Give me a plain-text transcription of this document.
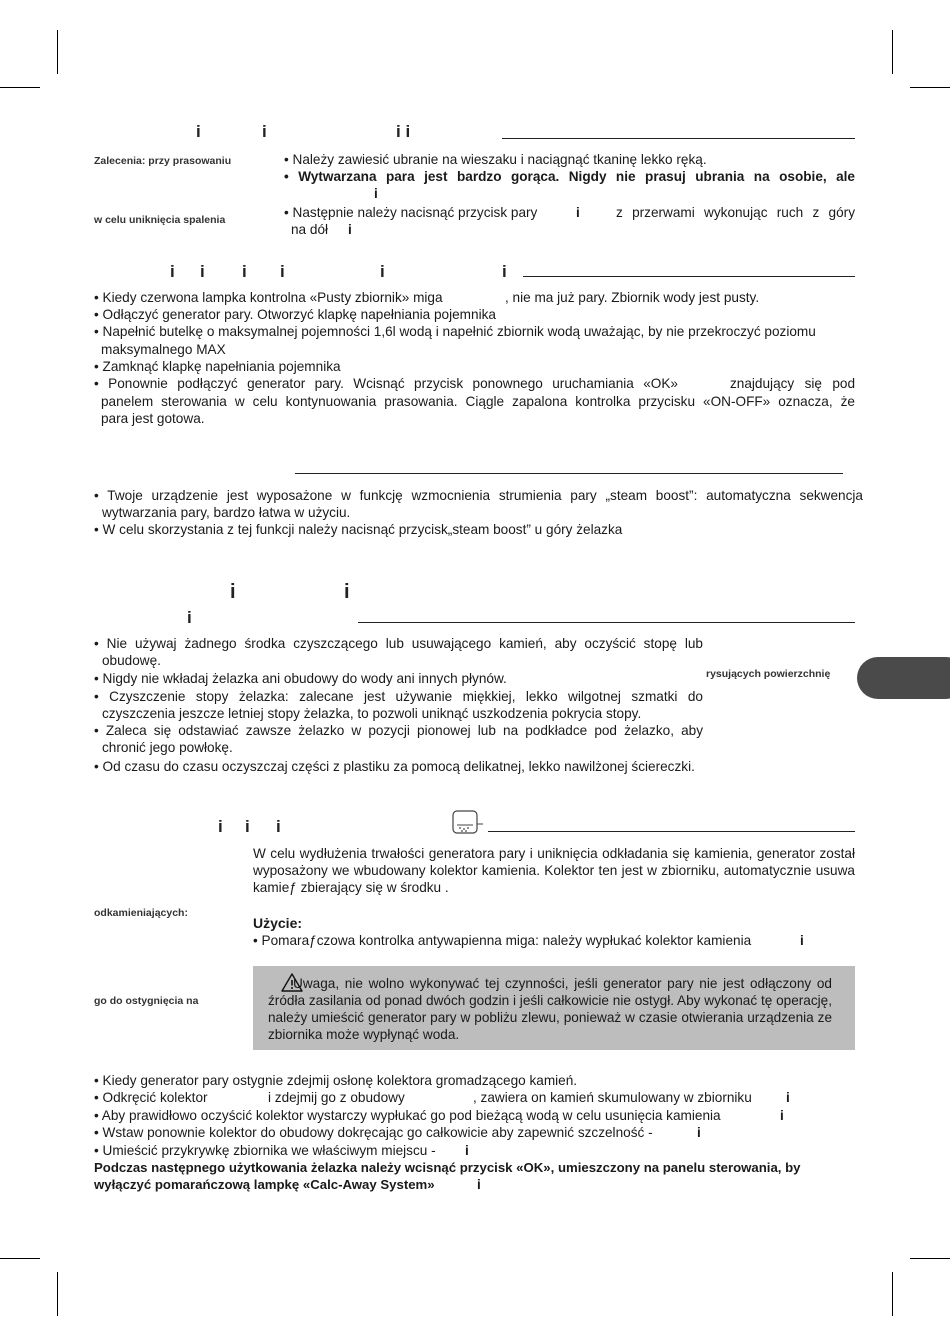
i	i	i i
Zalecenia: przy prasowaniu
w celu uniknięcia spalenia
• Należy zawiesić ubranie na wieszaku i naciągnąć tkaninę lekko ręką.
• Wytwarzana para jest bardzo gorąca. Nigdy nie prasuj ubrania na osobie, ale
i
• Następnie należy nacisnąć przycisk pary	i	z przerwami wykonując ruch z góry
na dół i
i i i i	i	i
• Kiedy czerwona lampka kontrolna «Pusty zbiornik» miga	, nie ma już pary. Zbiornik wody jest pusty.
• Odłączyć generator pary. Otworzyć klapkę napełniania pojemnika
• Napełnić butelkę o maksymalnej pojemności 1,6l wodą i napełnić zbiornik wodą uważając, by nie przekroczyć poziomu
maksymalnego MAX
• Zamknąć klapkę napełniania pojemnika
• Ponownie podłączyć generator pary. Wcisnąć przycisk ponownego uruchamiania «OK»	znajdujący się pod
panelem sterowania w celu kontynuowania prasowania. Ciągle zapalona kontrolka przycisku «ON-OFF» oznacza, że
para jest gotowa.
• Twoje urządzenie jest wyposażone w funkcję wzmocnienia strumienia pary „steam boost”: automatyczna sekwencja wytwarzania pary, bardzo łatwa w użyciu.
• W celu skorzystania z tej funkcji należy nacisnąć przycisk„steam boost” u góry żelazka
i	i
i
rysujących powierzchnię
• Nie używaj żadnego środka czyszczącego lub usuwającego kamień, aby oczyścić stopę lub obudowę.
• Nigdy nie wkładaj żelazka ani obudowy do wody ani innych płynów.
• Czyszczenie stopy żelazka: zalecane jest używanie miękkiej, lekko wilgotnej szmatki do czyszczenia jeszcze letniej stopy żelazka, to pozwoli uniknąć uszkodzenia pokrycia stopy.
• Zaleca się odstawiać zawsze żelazko w pozycji pionowej lub na podkładce pod żelazko, aby chronić jego powłokę.
• Od czasu do czasu oczyszczaj części z plastiku za pomocą delikatnej, lekko nawilżonej ściereczki.
i i i
odkamieniających:
go do ostygnięcia na
W celu wydłużenia trwałości generatora pary i uniknięcia odkładania się kamienia, generator został wyposażony we wbudowany kolektor kamienia. Kolektor ten jest w zbiorniku, automatycznie usuwa kamieƒ zbierający się w środku .
Użycie:
• Pomaraƒczowa kontrolka antywapienna miga: należy wypłukać kolektor kamienia	i
Uwaga, nie wolno wykonywać tej czynności, jeśli generator pary nie jest odłączony od źródła zasilania od ponad dwóch godzin i jeśli całkowicie nie ostygł. Aby wykonać tę operację, należy umieścić generator pary w pobliżu zlewu, ponieważ w czasie otwierania urządzenia ze zbiornika może wypłynąć woda.
• Kiedy generator pary ostygnie zdejmij osłonę kolektora gromadzącego kamień.
• Odkręcić kolektor	i zdejmij go z obudowy	, zawiera on kamień skumulowany w zbiorniku	i
• Aby prawidłowo oczyścić kolektor wystarczy wypłukać go pod bieżącą wodą w celu usunięcia kamienia	i
• Wstaw ponownie kolektor do obudowy dokręcając go całkowicie aby zapewnić szczelność -	i
• Umieścić przykrywkę zbiornika we właściwym miejscu - i
Podczas następnego użytkowania żelazka należy wcisnąć przycisk «OK», umieszczony na panelu sterowania, by
wyłączyć pomarańczową lampkę «Calc-Away System»	i
